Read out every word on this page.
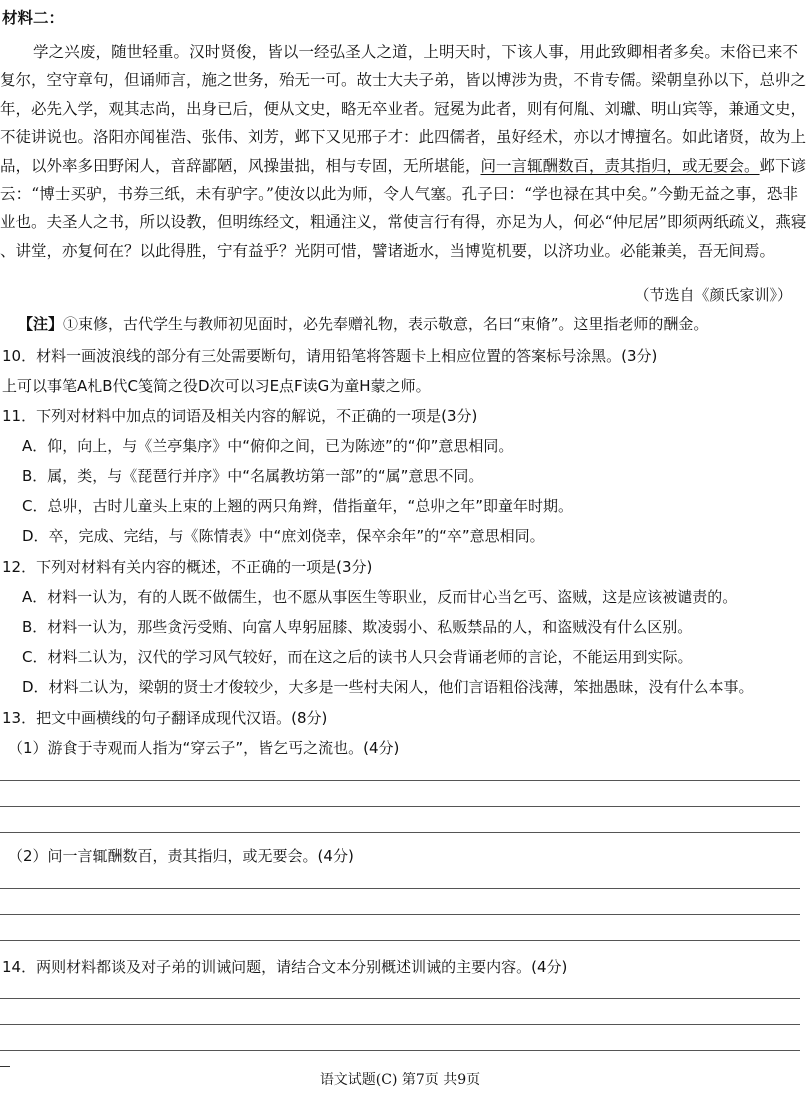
材料二：
学之兴废，随世轻重。汉时贤俊，皆以一经弘圣人之道，上明天时，下该人事，用此致卿相者多矣。末俗已来不
复尔，空守章句，但诵师言，施之世务，殆无一可。故士大夫子弟，皆以博涉为贵，不肯专儒。梁朝皇孙以下，总丱之
年，必先入学，观其志尚，出身已后，便从文史，略无卒业者。冠冕为此者，则有何胤、刘瓛、明山宾等，兼通文史，
不徒讲说也。洛阳亦闻崔浩、张伟、刘芳，邺下又见邢子才：此四儒者，虽好经术，亦以才博擅名。如此诸贤，故为上
品，以外率多田野闲人，音辞鄙陋，风操蚩拙，相与专固，无所堪能，问一言辄酬数百，责其指归，或无要会。邺下谚
云：“博士买驴，书券三纸，未有驴字。”使汝以此为师，令人气塞。孔子曰：“学也禄在其中矣。”今勤无益之事，恐非
业也。夫圣人之书，所以设教，但明练经文，粗通注义，常使言行有得，亦足为人，何必“仲尼居”即须两纸疏义，燕寝
、讲堂，亦复何在？以此得胜，宁有益乎？光阴可惜，譬诸逝水，当博览机要，以济功业。必能兼美，吾无间焉。
（节选自《颜氏家训》）
【注】①束修，古代学生与教师初见面时，必先奉赠礼物，表示敬意，名曰“束脩”。这里指老师的酬金。
10．材料一画波浪线的部分有三处需要断句，请用铅笔将答题卡上相应位置的答案标号涂黑。(3分)
上可以事笔A札B代C笺简之役D次可以习E点F读G为童H蒙之师。
11．下列对材料中加点的词语及相关内容的解说，不正确的一项是(3分)
A．仰，向上，与《兰亭集序》中“俯仰之间，已为陈迹”的“仰”意思相同。
B．属，类，与《琵琶行并序》中“名属教坊第一部”的“属”意思不同。
C．总丱，古时儿童头上束的上翘的两只角辫，借指童年，“总丱之年”即童年时期。
D．卒，完成、完结，与《陈情表》中“庶刘侥幸，保卒余年”的“卒”意思相同。
12．下列对材料有关内容的概述，不正确的一项是(3分)
A．材料一认为，有的人既不做儒生，也不愿从事医生等职业，反而甘心当乞丐、盗贼，这是应该被谴责的。
B．材料一认为，那些贪污受贿、向富人卑躬屈膝、欺凌弱小、私贩禁品的人，和盗贼没有什么区别。
C．材料二认为，汉代的学习风气较好，而在这之后的读书人只会背诵老师的言论，不能运用到实际。
D．材料二认为，梁朝的贤士才俊较少，大多是一些村夫闲人，他们言语粗俗浅薄，笨拙愚昧，没有什么本事。
13．把文中画横线的句子翻译成现代汉语。(8分)
（1）游食于寺观而人指为“穿云子”，皆乞丐之流也。(4分)
（2）问一言辄酬数百，责其指归，或无要会。(4分)
14．两则材料都谈及对子弟的训诫问题，请结合文本分别概述训诫的主要内容。(4分)
语文试题(C) 第7页 共9页
